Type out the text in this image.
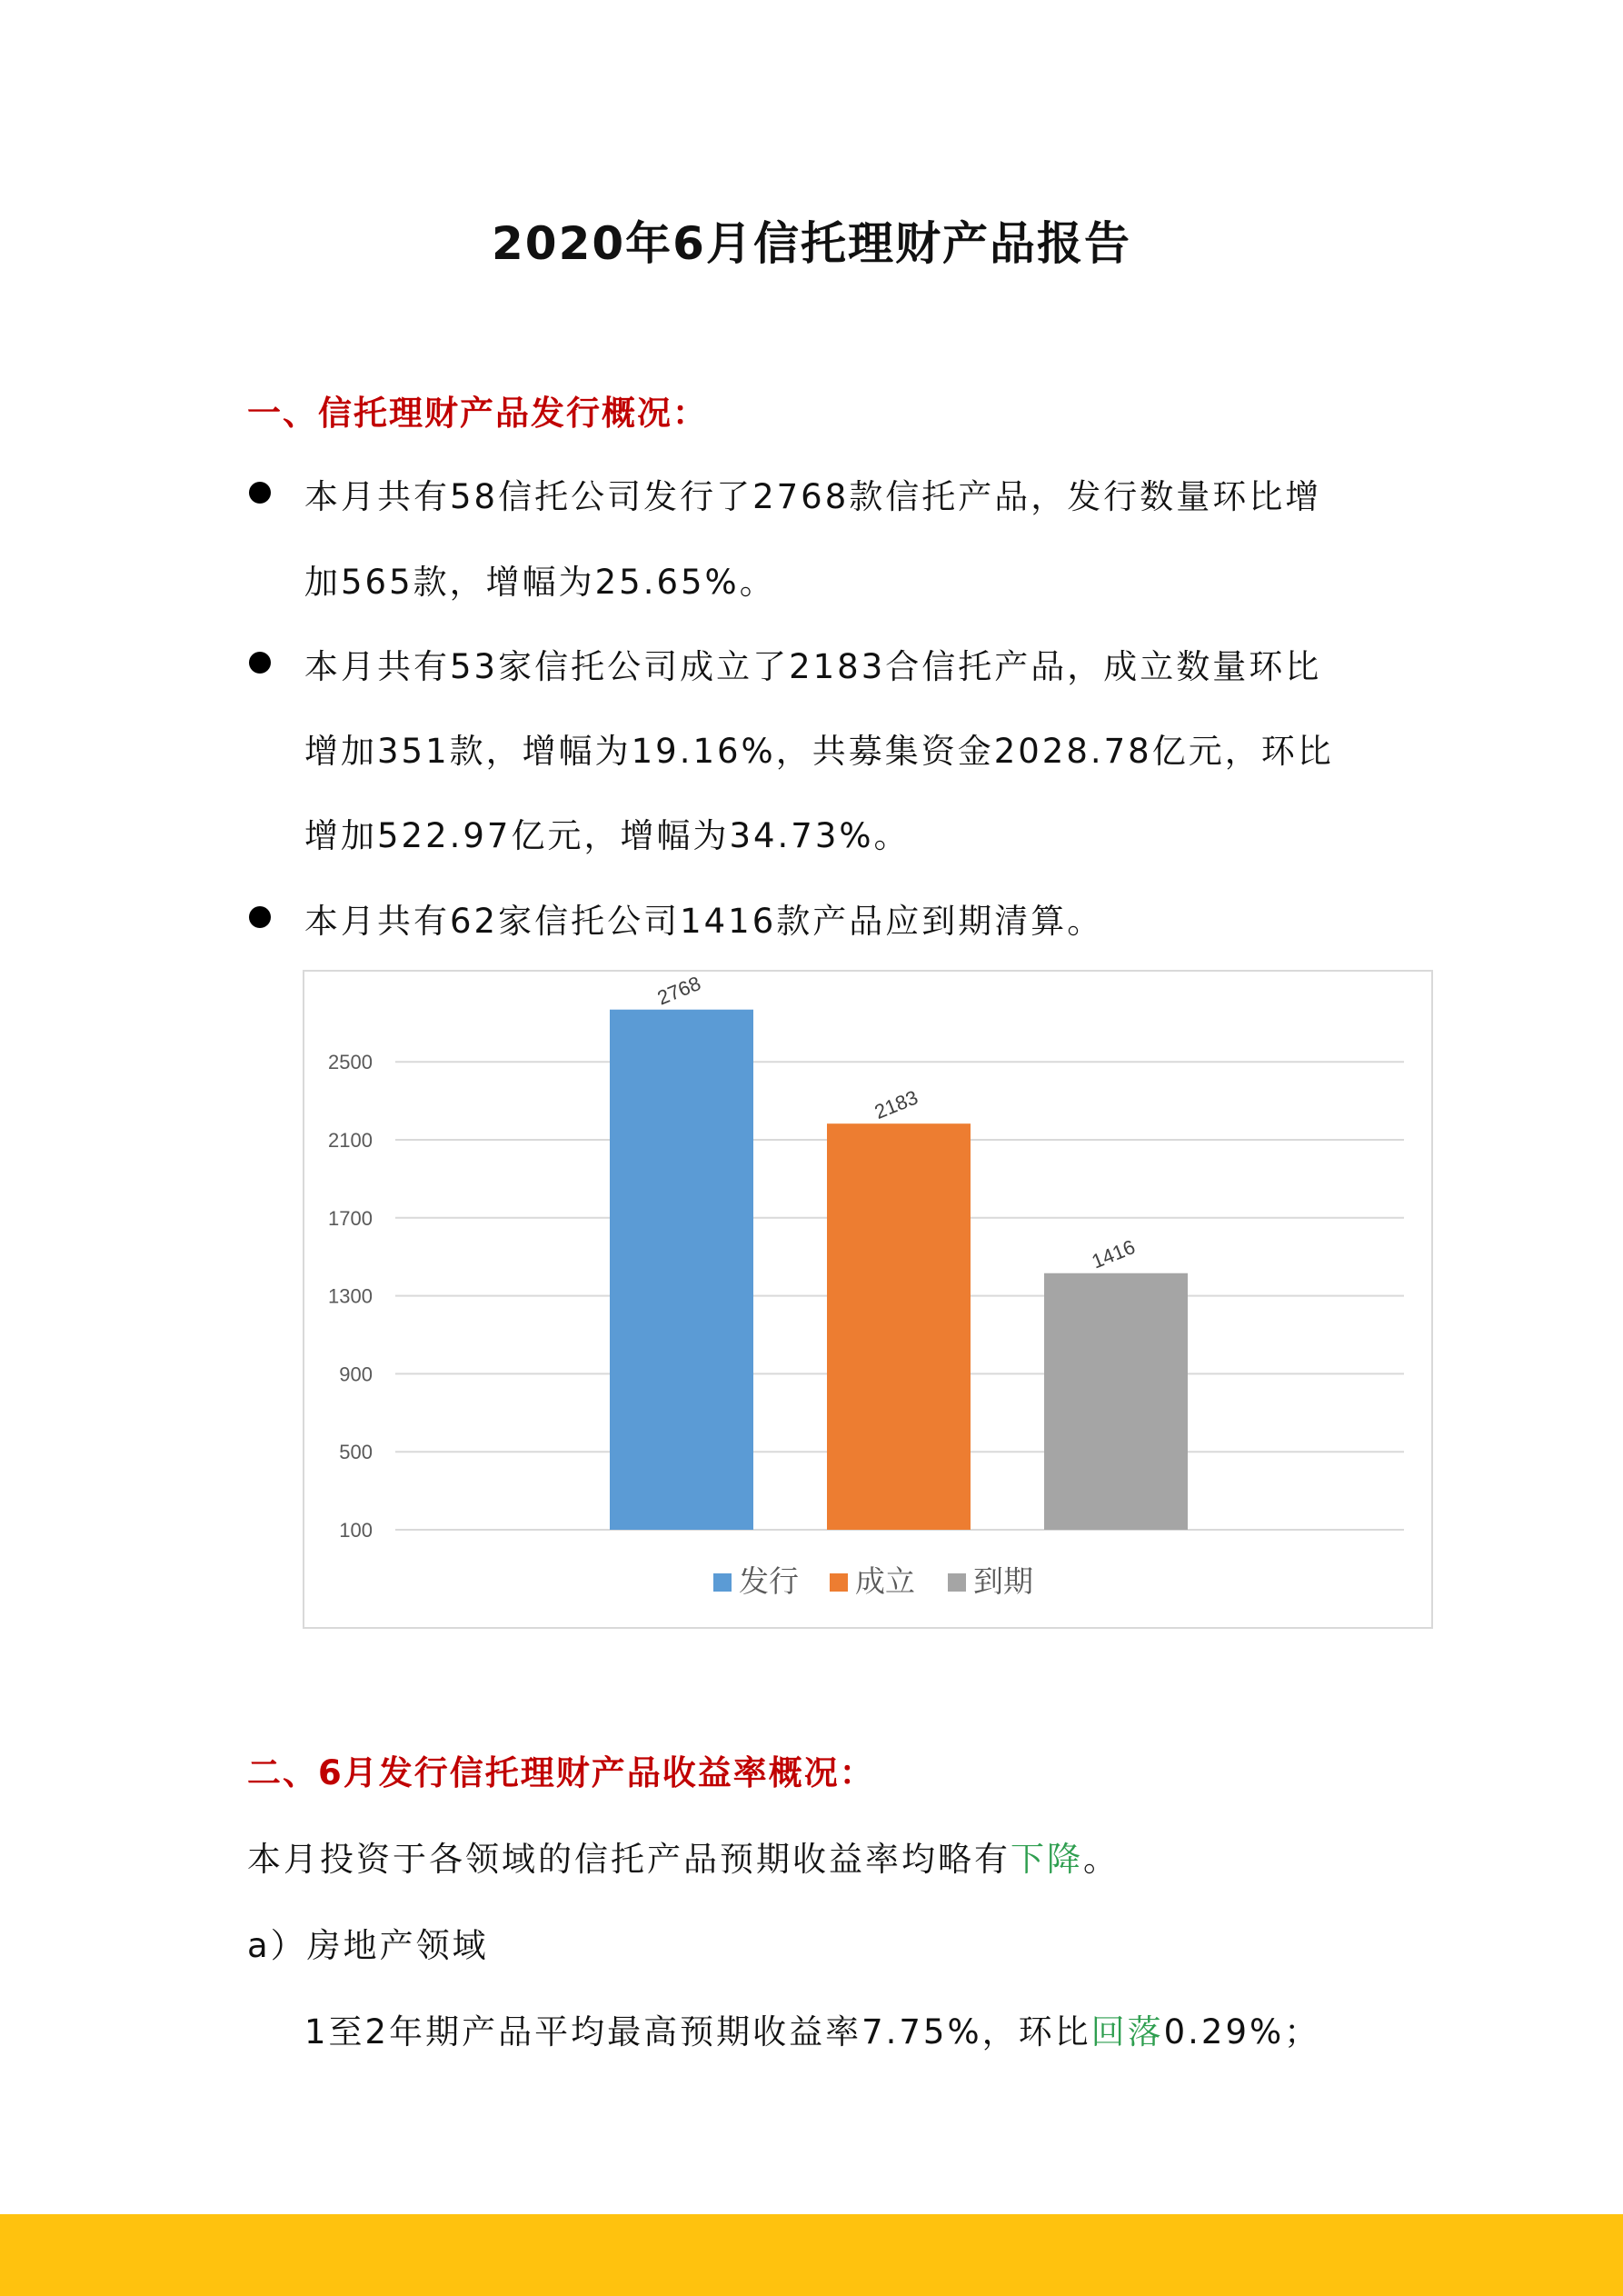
2020年6月信托理财产品报告
一、信托理财产品发行概况：
本月共有58信托公司发行了2768款信托产品，发行数量环比增
加565款，增幅为25.65%。
本月共有53家信托公司成立了2183合信托产品，成立数量环比
增加351款，增幅为19.16%，共募集资金2028.78亿元，环比
增加522.97亿元，增幅为34.73%。
本月共有62家信托公司1416款产品应到期清算。
100
500
900
1300
1700
2100
2500
2768
2183
1416
发行 成立 到期
二、6月发行信托理财产品收益率概况：
本月投资于各领域的信托产品预期收益率均略有下降。
a）房地产领域
1至2年期产品平均最高预期收益率7.75%，环比回落0.29%；
